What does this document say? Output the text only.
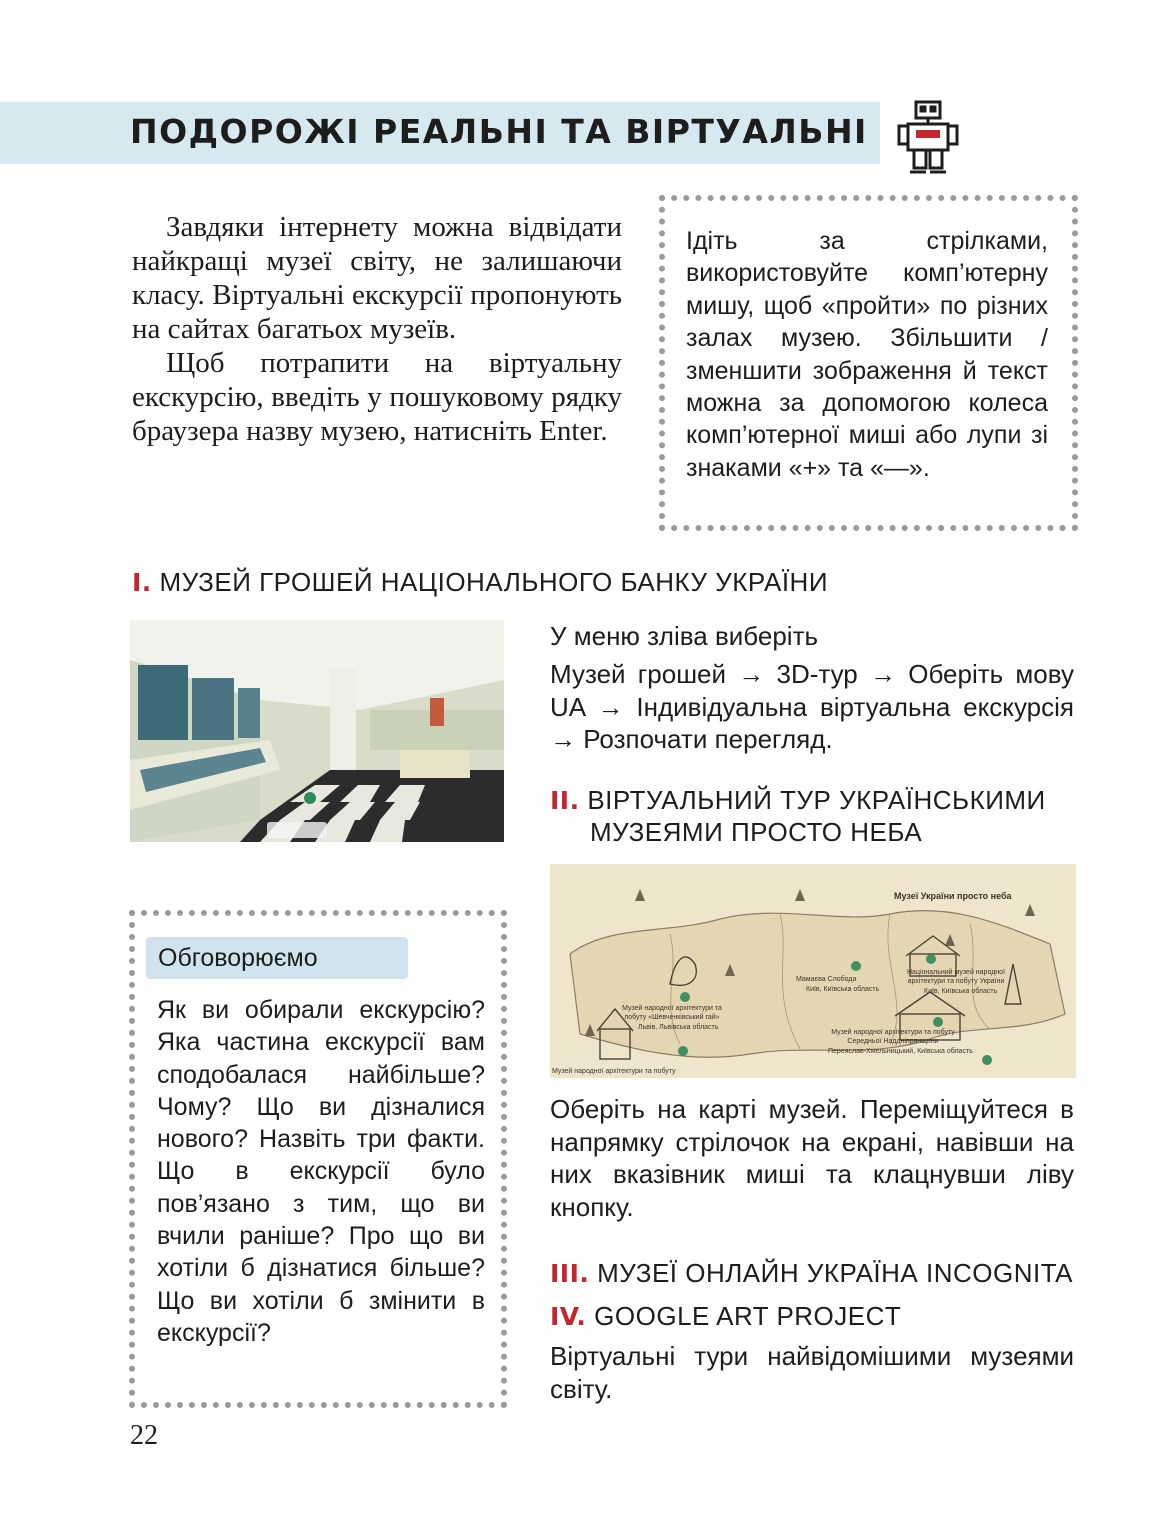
ПОДОРОЖІ РЕАЛЬНІ ТА ВІРТУАЛЬНІ

Завдяки інтернету можна відвідати найкращі музеї світу, не залишаючи класу. Віртуальні екскурсії пропонують на сайтах багатьох музеїв.

Щоб потрапити на віртуальну екскурсію, введіть у пошуковому рядку браузера назву музею, натисніть Enter.

Ідіть за стрілками, використовуйте комп’ютерну мишу, щоб «пройти» по різних залах музею. Збільшити / зменшити зображення й текст можна за допомогою колеса комп’ютерної миші або лупи зі знаками «+» та «—».
I. МУЗЕЙ ГРОШЕЙ НАЦІОНАЛЬНОГО БАНКУ УКРАЇНИ
У меню зліва виберіть
Музей грошей → 3D-тур → Оберіть мову UA → Індивідуальна віртуальна екскурсія → Розпочати перегляд.
II. ВІРТУАЛЬНИЙ ТУР УКРАЇНСЬКИМИ
МУЗЕЯМИ ПРОСТО НЕБА
Музеї України просто неба
Музей народної архітектури та побуту «Шевченківський гай»
Львів, Львівська область
Мамаєва Слобода
Київ, Київська область
Національний музей народної архітектури та побуту України
Київ, Київська область
Музей народної архітектури та побуту Середньої Наддніпрянщини
Переяслав-Хмельницький, Київська область
Музей народної архітектури та побуту
Оберіть на карті музей. Переміщуйтеся в напрямку стрілочок на екрані, навівши на них вказівник миші та клацнувши ліву кнопку.
III. МУЗЕЇ ОНЛАЙН УКРАЇНА INCOGNITA
IV. GOOGLE ART PROJECT
Віртуальні тури найвідомішими музеями світу.
Обговорюємо
Як ви обирали екскурсію? Яка частина екскурсії вам сподобалася найбільше? Чому? Що ви дізналися нового? Назвіть три факти. Що в екскурсії було пов’язано з тим, що ви вчили раніше? Про що ви хотіли б дізнатися більше? Що ви хотіли б змінити в екскурсії?
22
